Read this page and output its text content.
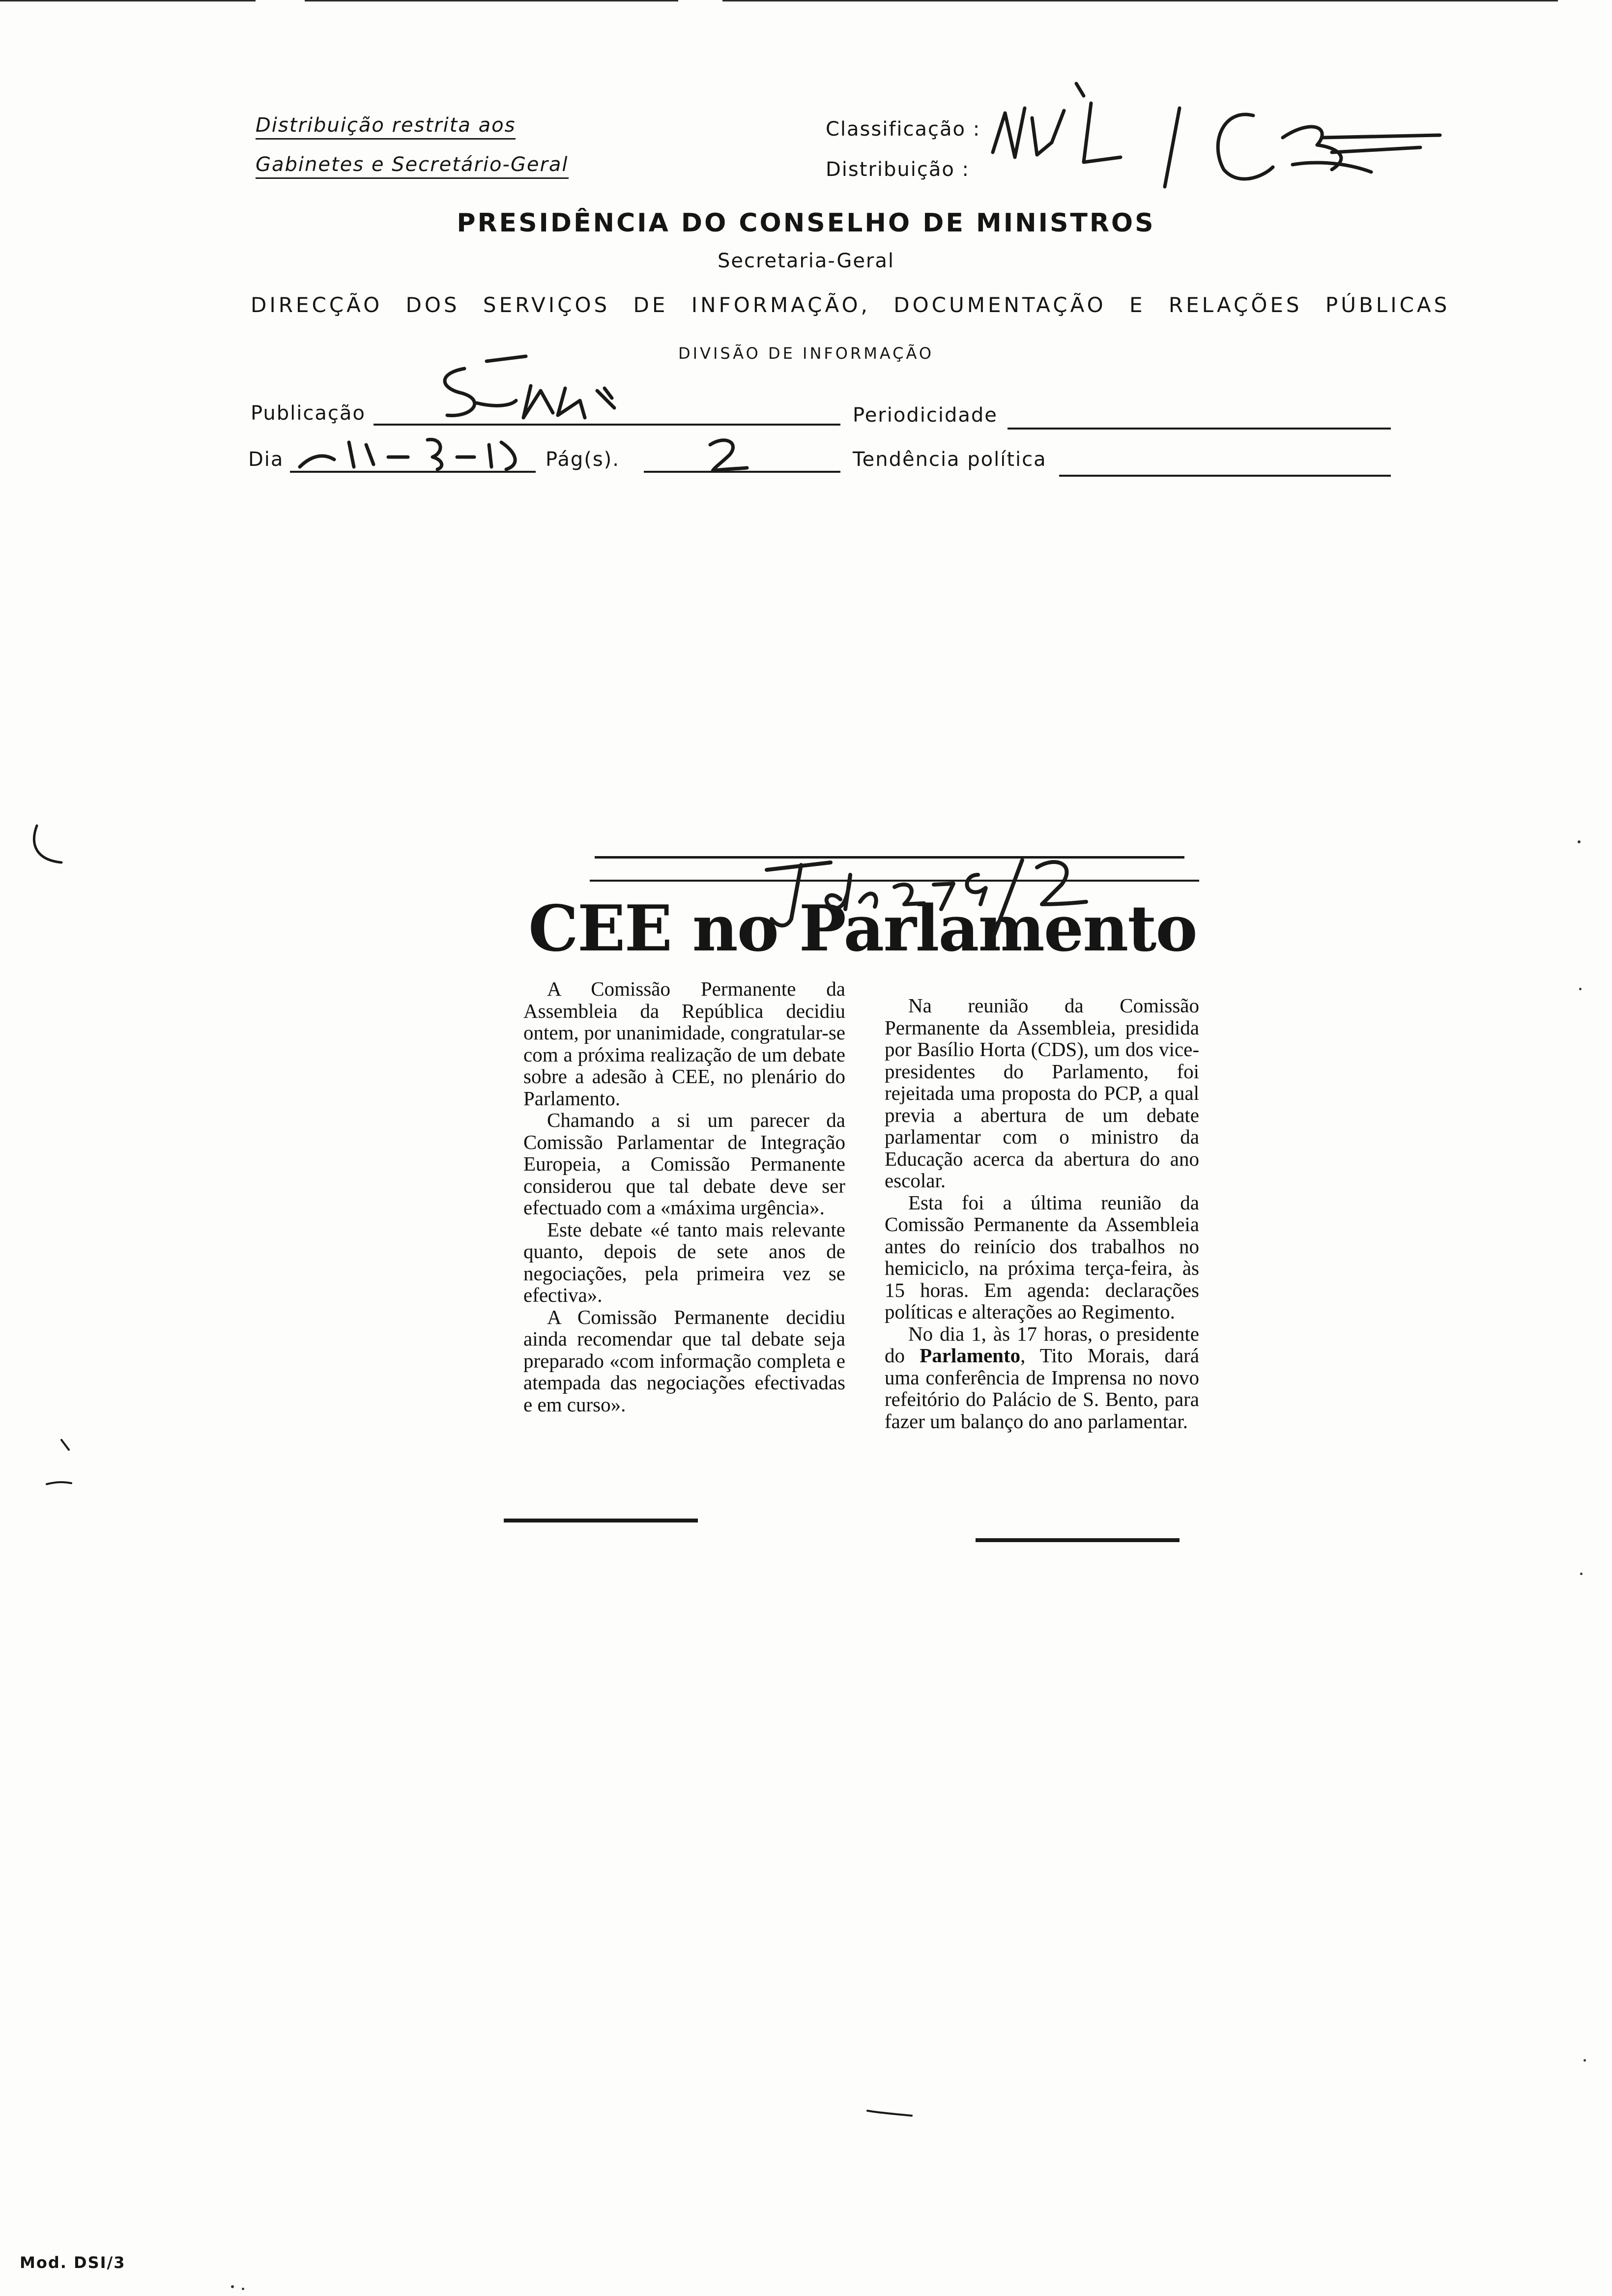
Distribuição restrita aos
Gabinetes e Secretário-Geral
Classificação :
Distribuição :
PRESIDÊNCIA DO CONSELHO DE MINISTROS
Secretaria-Geral
DIRECÇÃO DOS SERVIÇOS DE INFORMAÇÃO, DOCUMENTAÇÃO E RELAÇÕES PÚBLICAS
DIVISÃO DE INFORMAÇÃO
Publicação	Periodicidade
Dia	Pág(s).	Tendência política
CEE no Parlamento

A Comissão Permanente da Assembleia da República decidiu ontem, por unanimidade, congratular-se com a próxima realização de um debate sobre a adesão à CEE, no plenário do Parlamento.

Chamando a si um parecer da Comissão Parlamentar de Integração Europeia, a Comissão Permanente considerou que tal debate deve ser efectuado com a «máxima urgência».

Este debate «é tanto mais relevante quanto, depois de sete anos de negociações, pela primeira vez se efectiva».

A Comissão Permanente decidiu ainda recomendar que tal debate seja preparado «com informação completa e atempada das negociações efectivadas e em curso».

Na reunião da Comissão Permanente da Assembleia, presidida por Basílio Horta (CDS), um dos vice-presidentes do Parlamento, foi rejeitada uma proposta do PCP, a qual previa a abertura de um debate parlamentar com o ministro da Educação acerca da abertura do ano escolar.

Esta foi a última reunião da Comissão Permanente da Assembleia antes do reinício dos trabalhos no hemiciclo, na próxima terça-feira, às 15 horas. Em agenda: declarações políticas e alterações ao Regimento.

No dia 1, às 17 horas, o presidente do Parlamento, Tito Morais, dará uma conferência de Imprensa no novo refeitório do Palácio de S. Bento, para fazer um balanço do ano parlamentar.

Mod. DSI/3
